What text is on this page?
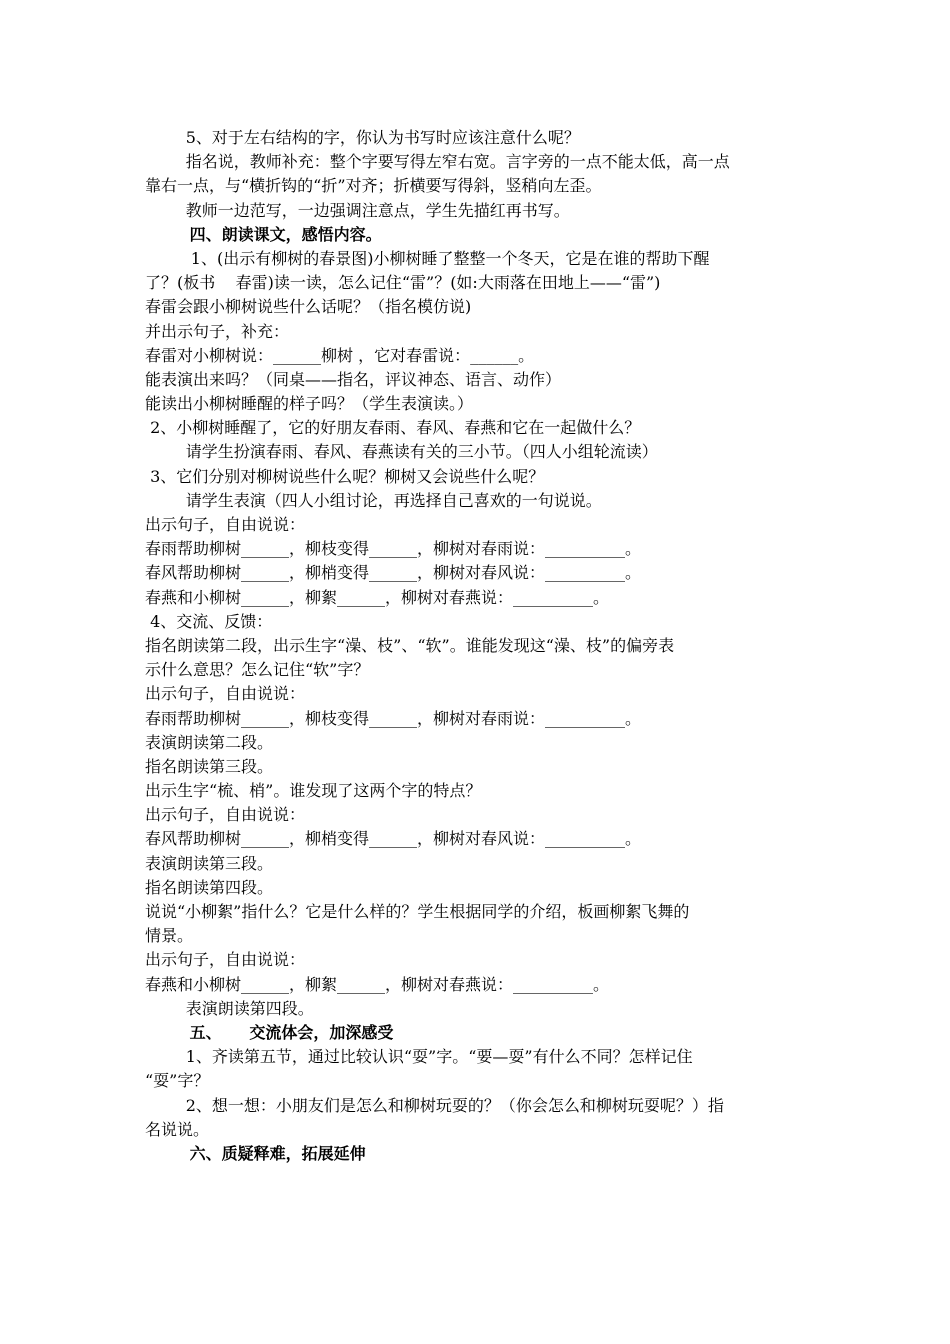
5、对于左右结构的字，你认为书写时应该注意什么呢？
指名说，教师补充：整个字要写得左窄右宽。言字旁的一点不能太低，高一点
靠右一点，与“横折钩的“折”对齐；折横要写得斜，竖稍向左歪。
教师一边范写，一边强调注意点，学生先描红再书写。
四、朗读课文，感悟内容。
1、(出示有柳树的春景图)小柳树睡了整整一个冬天，它是在谁的帮助下醒
了？(板书    春雷)读一读，怎么记住“雷”？(如:大雨落在田地上——“雷”)
春雷会跟小柳树说些什么话呢？（指名模仿说)
并出示句子，补充：
春雷对小柳树说：______柳树 ，它对春雷说：______。
能表演出来吗？（同桌——指名，评议神态、语言、动作）
能读出小柳树睡醒的样子吗？（学生表演读。）
2、小柳树睡醒了，它的好朋友春雨、春风、春燕和它在一起做什么？
请学生扮演春雨、春风、春燕读有关的三小节。（四人小组轮流读）
3、它们分别对柳树说些什么呢？柳树又会说些什么呢？
请学生表演（四人小组讨论，再选择自己喜欢的一句说说。
出示句子，自由说说：
春雨帮助柳树______，柳枝变得______，柳树对春雨说：__________。
春风帮助柳树______，柳梢变得______，柳树对春风说：__________。
春燕和小柳树______，柳絮______，柳树对春燕说：__________。
4、交流、反馈：
指名朗读第二段，出示生字“澡、枝”、“软”。谁能发现这“澡、枝”的偏旁表
示什么意思？怎么记住“软”字？
出示句子，自由说说：
春雨帮助柳树______，柳枝变得______，柳树对春雨说：__________。
表演朗读第二段。
指名朗读第三段。
出示生字“梳、梢”。谁发现了这两个字的特点？
出示句子，自由说说：
春风帮助柳树______，柳梢变得______，柳树对春风说：__________。
表演朗读第三段。
指名朗读第四段。
说说“小柳絮”指什么？它是什么样的？学生根据同学的介绍，板画柳絮飞舞的
情景。
出示句子，自由说说：
春燕和小柳树______，柳絮______，柳树对春燕说：__________。
表演朗读第四段。
五、     交流体会，加深感受
1、齐读第五节，通过比较认识“耍”字。“要—耍”有什么不同？怎样记住
“耍”字？
2、想一想：小朋友们是怎么和柳树玩耍的？（你会怎么和柳树玩耍呢？）指
名说说。
六、质疑释难，拓展延伸
